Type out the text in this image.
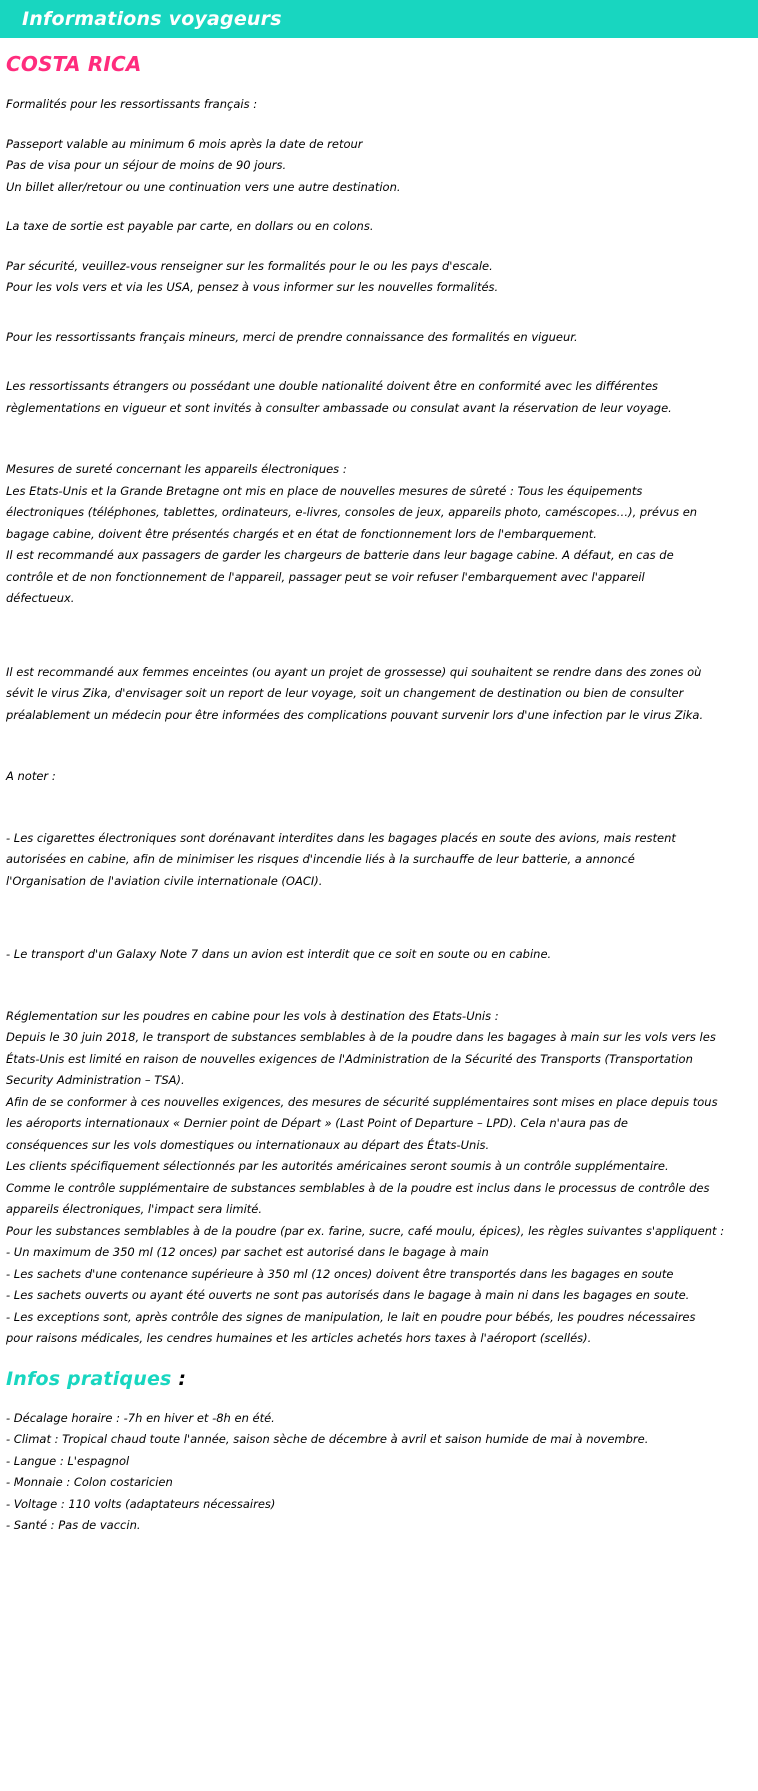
Informations voyageurs
COSTA RICA

Formalités pour les ressortissants français :

Passeport valable au minimum 6 mois après la date de retour

Pas de visa pour un séjour de moins de 90 jours.

Un billet aller/retour ou une continuation vers une autre destination.

La taxe de sortie est payable par carte, en dollars ou en colons.

Par sécurité, veuillez-vous renseigner sur les formalités pour le ou les pays d'escale.

Pour les vols vers et via les USA, pensez à vous informer sur les nouvelles formalités.

Pour les ressortissants français mineurs, merci de prendre connaissance des formalités en vigueur.

Les ressortissants étrangers ou possédant une double nationalité doivent être en conformité avec les différentes

règlementations en vigueur et sont invités à consulter ambassade ou consulat avant la réservation de leur voyage.

Mesures de sureté concernant les appareils électroniques :

Les Etats-Unis et la Grande Bretagne ont mis en place de nouvelles mesures de sûreté : Tous les équipements

électroniques (téléphones, tablettes, ordinateurs, e-livres, consoles de jeux, appareils photo, caméscopes…), prévus en

bagage cabine, doivent être présentés chargés et en état de fonctionnement lors de l'embarquement.

Il est recommandé aux passagers de garder les chargeurs de batterie dans leur bagage cabine. A défaut, en cas de

contrôle et de non fonctionnement de l'appareil, passager peut se voir refuser l'embarquement avec l'appareil

défectueux.

Il est recommandé aux femmes enceintes (ou ayant un projet de grossesse) qui souhaitent se rendre dans des zones où

sévit le virus Zika, d'envisager soit un report de leur voyage, soit un changement de destination ou bien de consulter

préalablement un médecin pour être informées des complications pouvant survenir lors d'une infection par le virus Zika.

A noter :

- Les cigarettes électroniques sont dorénavant interdites dans les bagages placés en soute des avions, mais restent

autorisées en cabine, afin de minimiser les risques d'incendie liés à la surchauffe de leur batterie, a annoncé

l'Organisation de l'aviation civile internationale (OACI).

- Le transport d'un Galaxy Note 7 dans un avion est interdit que ce soit en soute ou en cabine.

Réglementation sur les poudres en cabine pour les vols à destination des Etats-Unis :

Depuis le 30 juin 2018, le transport de substances semblables à de la poudre dans les bagages à main sur les vols vers les

États-Unis est limité en raison de nouvelles exigences de l'Administration de la Sécurité des Transports (Transportation

Security Administration – TSA).

Afin de se conformer à ces nouvelles exigences, des mesures de sécurité supplémentaires sont mises en place depuis tous

les aéroports internationaux « Dernier point de Départ » (Last Point of Departure – LPD). Cela n'aura pas de

conséquences sur les vols domestiques ou internationaux au départ des États-Unis.

Les clients spécifiquement sélectionnés par les autorités américaines seront soumis à un contrôle supplémentaire.

Comme le contrôle supplémentaire de substances semblables à de la poudre est inclus dans le processus de contrôle des

appareils électroniques, l'impact sera limité.

Pour les substances semblables à de la poudre (par ex. farine, sucre, café moulu, épices), les règles suivantes s'appliquent :

- Un maximum de 350 ml (12 onces) par sachet est autorisé dans le bagage à main

- Les sachets d'une contenance supérieure à 350 ml (12 onces) doivent être transportés dans les bagages en soute

- Les sachets ouverts ou ayant été ouverts ne sont pas autorisés dans le bagage à main ni dans les bagages en soute.

- Les exceptions sont, après contrôle des signes de manipulation, le lait en poudre pour bébés, les poudres nécessaires

pour raisons médicales, les cendres humaines et les articles achetés hors taxes à l'aéroport (scellés).

Infos pratiques :

- Décalage horaire : -7h en hiver et -8h en été.

- Climat : Tropical chaud toute l'année, saison sèche de décembre à avril et saison humide de mai à novembre.

- Langue : L'espagnol

- Monnaie : Colon costaricien

- Voltage : 110 volts (adaptateurs nécessaires)

- Santé : Pas de vaccin.
